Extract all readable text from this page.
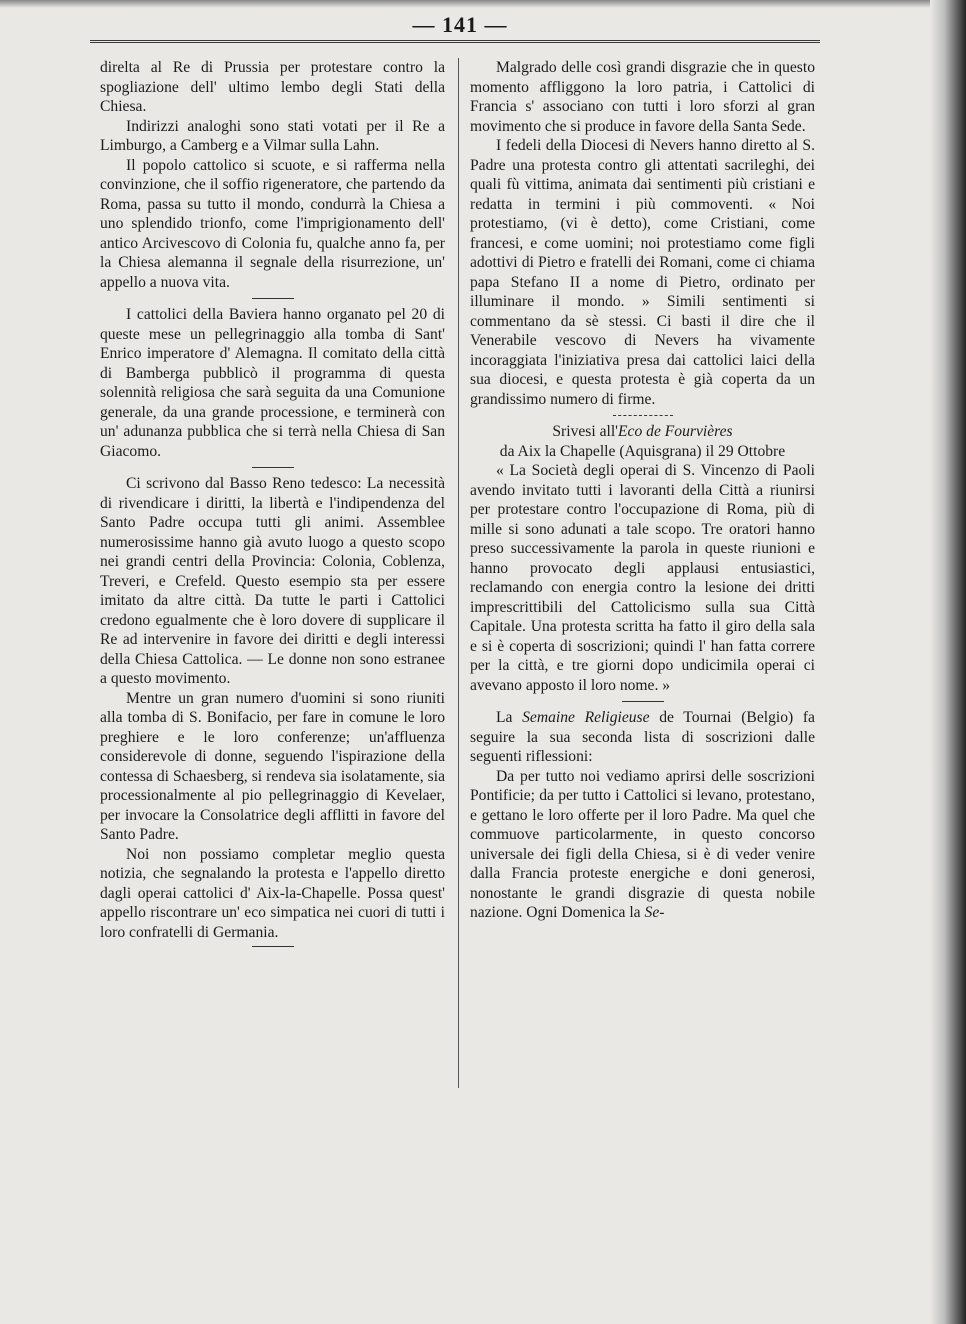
— 141 —

direlta al Re di Prussia per protestare contro la spogliazione dell' ultimo lembo degli Stati della Chiesa.

Indirizzi analoghi sono stati votati per il Re a Limburgo, a Camberg e a Vilmar sulla Lahn.

Il popolo cattolico si scuote, e si rafferma nella convinzione, che il soffio rigeneratore, che partendo da Roma, passa su tutto il mondo, condurrà la Chiesa a uno splendido trionfo, come l'imprigionamento dell' antico Arcivescovo di Colonia fu, qualche anno fa, per la Chiesa alemanna il segnale della risurrezione, un' appello a nuova vita.

I cattolici della Baviera hanno organato pel 20 di queste mese un pellegrinaggio alla tomba di Sant' Enrico imperatore d' Alemagna. Il comitato della città di Bamberga pubblicò il programma di questa solennità religiosa che sarà seguita da una Comunione generale, da una grande processione, e terminerà con un' adunanza pubblica che si terrà nella Chiesa di San Giacomo.

Ci scrivono dal Basso Reno tedesco: La necessità di rivendicare i diritti, la libertà e l'indipendenza del Santo Padre occupa tutti gli animi. Assemblee numerosissime hanno già avuto luogo a questo scopo nei grandi centri della Provincia: Colonia, Coblenza, Treveri, e Crefeld. Questo esempio sta per essere imitato da altre città. Da tutte le parti i Cattolici credono egualmente che è loro dovere di supplicare il Re ad intervenire in favore dei diritti e degli interessi della Chiesa Cattolica. — Le donne non sono estranee a questo movimento.

Mentre un gran numero d'uomini si sono riuniti alla tomba di S. Bonifacio, per fare in comune le loro preghiere e le loro conferenze; un'affluenza considerevole di donne, seguendo l'ispirazione della contessa di Schaesberg, si rendeva sia isolatamente, sia processionalmente al pio pellegrinaggio di Kevelaer, per invocare la Consolatrice degli afflitti in favore del Santo Padre.

Noi non possiamo completar meglio questa notizia, che segnalando la protesta e l'appello diretto dagli operai cattolici d' Aix-la-Chapelle. Possa quest' appello riscontrare un' eco simpatica nei cuori di tutti i loro confratelli di Germania.

Malgrado delle così grandi disgrazie che in questo momento affliggono la loro patria, i Cattolici di Francia s' associano con tutti i loro sforzi al gran movimento che si produce in favore della Santa Sede.

I fedeli della Diocesi di Nevers hanno diretto al S. Padre una protesta contro gli attentati sacrileghi, dei quali fù vittima, animata dai sentimenti più cristiani e redatta in termini i più commoventi. « Noi protestiamo, (vi è detto), come Cristiani, come francesi, e come uomini; noi protestiamo come figli adottivi di Pietro e fratelli dei Romani, come ci chiama papa Stefano II a nome di Pietro, ordinato per illuminare il mondo. » Simili sentimenti si commentano da sè stessi. Ci basti il dire che il Venerabile vescovo di Nevers ha vivamente incoraggiata l'iniziativa presa dai cattolici laici della sua diocesi, e questa protesta è già coperta da un grandissimo numero di firme.

Srivesi all'Eco de Fourvières

da Aix la Chapelle (Aquisgrana) il 29 Ottobre

« La Società degli operai di S. Vincenzo di Paoli avendo invitato tutti i lavoranti della Città a riunirsi per protestare contro l'occupazione di Roma, più di mille si sono adunati a tale scopo. Tre oratori hanno preso successivamente la parola in queste riunioni e hanno provocato degli applausi entusiastici, reclamando con energia contro la lesione dei dritti imprescrittibili del Cattolicismo sulla sua Città Capitale. Una protesta scritta ha fatto il giro della sala e si è coperta di soscrizioni; quindi l' han fatta correre per la città, e tre giorni dopo undicimila operai ci avevano apposto il loro nome. »

La Semaine Religieuse de Tournai (Belgio) fa seguire la sua seconda lista di soscrizioni dalle seguenti riflessioni:

Da per tutto noi vediamo aprirsi delle soscrizioni Pontificie; da per tutto i Cattolici si levano, protestano, e gettano le loro offerte per il loro Padre. Ma quel che commuove particolarmente, in questo concorso universale dei figli della Chiesa, si è di veder venire dalla Francia proteste energiche e doni generosi, nonostante le grandi disgrazie di questa nobile nazione. Ogni Domenica la Se-
